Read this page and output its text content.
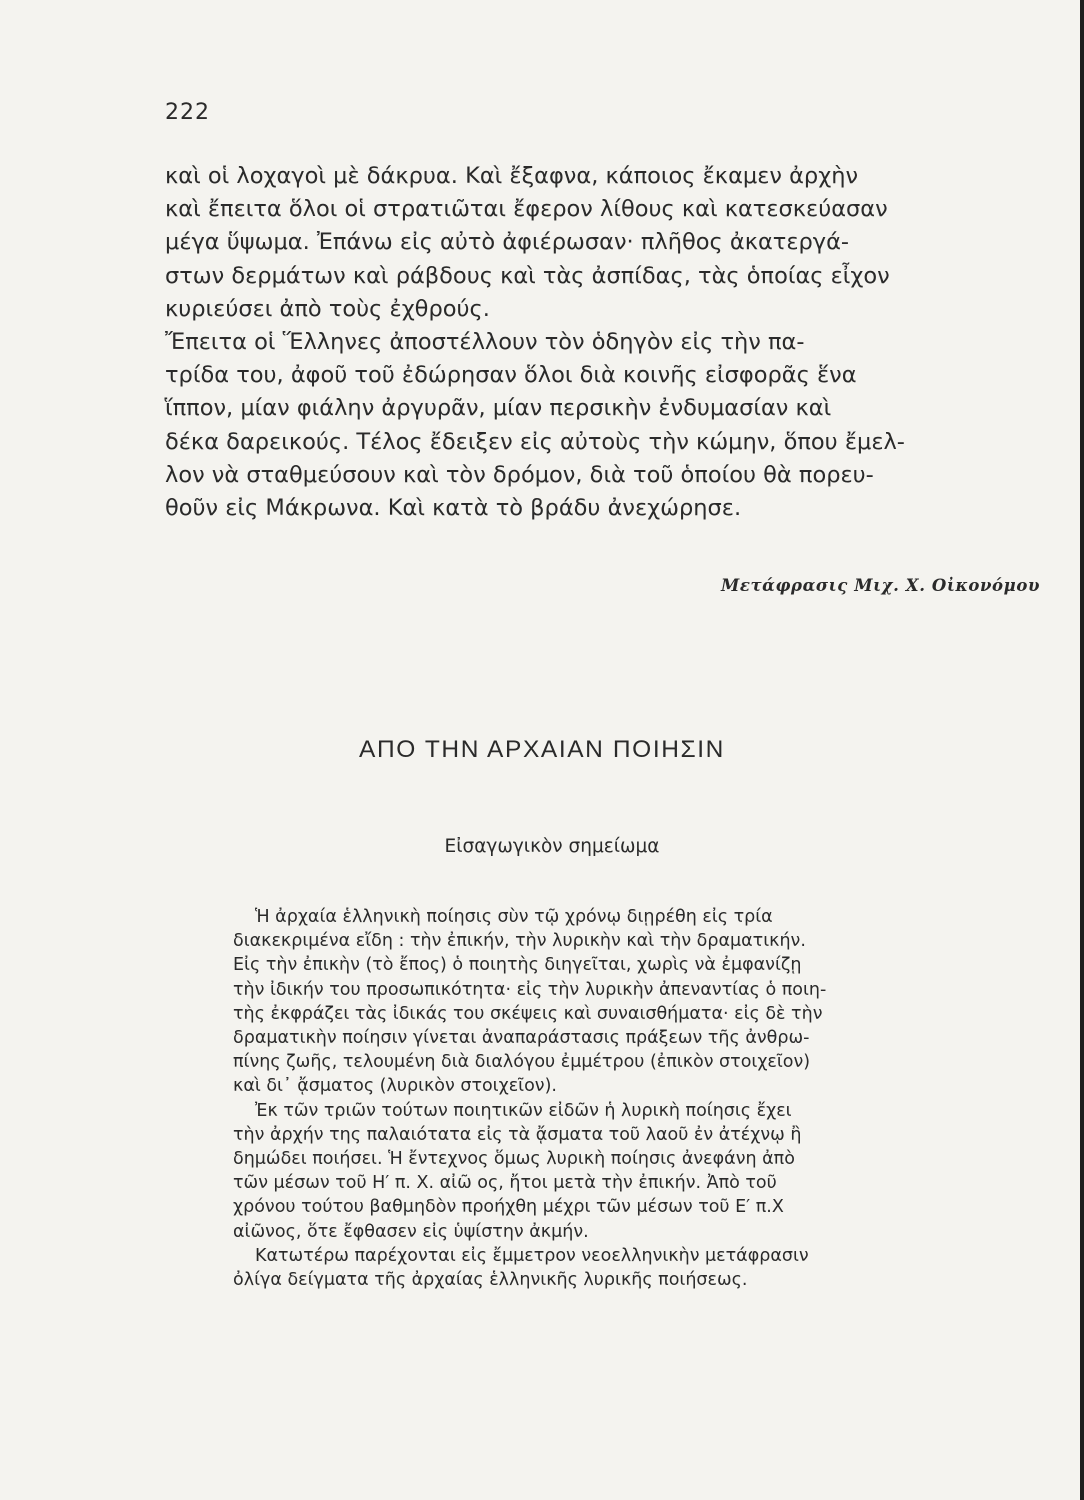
222
καὶ οἱ λοχαγοὶ μὲ δάκρυα. Καὶ ἔξαφνα, κάποιος ἔκαμεν ἀρχὴν
καὶ ἔπειτα ὅλοι οἱ στρατιῶται ἔφερον λίθους καὶ κατεσκεύασαν
μέγα ὕψωμα. Ἐπάνω εἰς αὐτὸ ἀφιέρωσαν· πλῆθος ἀκατεργά-
στων δερμάτων καὶ ράβδους καὶ τὰς ἀσπίδας, τὰς ὁποίας εἶχον
κυριεύσει ἀπὸ τοὺς ἐχθρούς.
Ἔπειτα οἱ Ἕλληνες ἀποστέλλουν τὸν ὁδηγὸν εἰς τὴν πα-
τρίδα του, ἀφοῦ τοῦ ἐδώρησαν ὅλοι διὰ κοινῆς εἰσφορᾶς ἕνα
ἵππον, μίαν φιάλην ἀργυρᾶν, μίαν περσικὴν ἐνδυμασίαν καὶ
δέκα δαρεικούς. Τέλος ἔδειξεν εἰς αὐτοὺς τὴν κώμην, ὅπου ἔμελ-
λον νὰ σταθμεύσουν καὶ τὸν δρόμον, διὰ τοῦ ὁποίου θὰ πορευ-
θοῦν εἰς Μάκρωνα. Καὶ κατὰ τὸ βράδυ ἀνεχώρησε.
Μετάφρασις Μιχ. Χ. Οἰκονόμου
ΑΠΟ ΤΗΝ ΑΡΧΑΙΑΝ ΠΟΙΗΣΙΝ
Εἰσαγωγικὸν σημείωμα
Ἡ ἀρχαία ἑλληνικὴ ποίησις σὺν τῷ χρόνῳ διῃρέθη εἰς τρία
διακεκριμένα εἴδη : τὴν ἐπικήν, τὴν λυρικὴν καὶ τὴν δραματικήν.
Εἰς τὴν ἐπικὴν (τὸ ἔπος) ὁ ποιητὴς διηγεῖται, χωρὶς νὰ ἐμφανίζῃ
τὴν ἰδικήν του προσωπικότητα· εἰς τὴν λυρικὴν ἀπεναντίας ὁ ποιη-
τὴς ἐκφράζει τὰς ἰδικάς του σκέψεις καὶ συναισθήματα· εἰς δὲ τὴν
δραματικὴν ποίησιν γίνεται ἀναπαράστασις πράξεων τῆς ἀνθρω-
πίνης ζωῆς, τελουμένη διὰ διαλόγου ἐμμέτρου (ἐπικὸν στοιχεῖον)
καὶ δι᾽ ᾄσματος (λυρικὸν στοιχεῖον).
Ἐκ τῶν τριῶν τούτων ποιητικῶν εἰδῶν ἡ λυρικὴ ποίησις ἔχει
τὴν ἀρχήν της παλαιότατα εἰς τὰ ᾄσματα τοῦ λαοῦ ἐν ἀτέχνῳ ἢ
δημώδει ποιήσει. Ἡ ἔντεχνος ὅμως λυρικὴ ποίησις ἀνεφάνη ἀπὸ
τῶν μέσων τοῦ Η′ π. Χ. αἰῶ ος, ἤτοι μετὰ τὴν ἐπικήν. Ἀπὸ τοῦ
χρόνου τούτου βαθμηδὸν προήχθη μέχρι τῶν μέσων τοῦ Ε′ π.Χ
αἰῶνος, ὅτε ἔφθασεν εἰς ὑψίστην ἀκμήν.
Κατωτέρω παρέχονται εἰς ἔμμετρον νεοελληνικὴν μετάφρασιν
ὀλίγα δείγματα τῆς ἀρχαίας ἑλληνικῆς λυρικῆς ποιήσεως.
